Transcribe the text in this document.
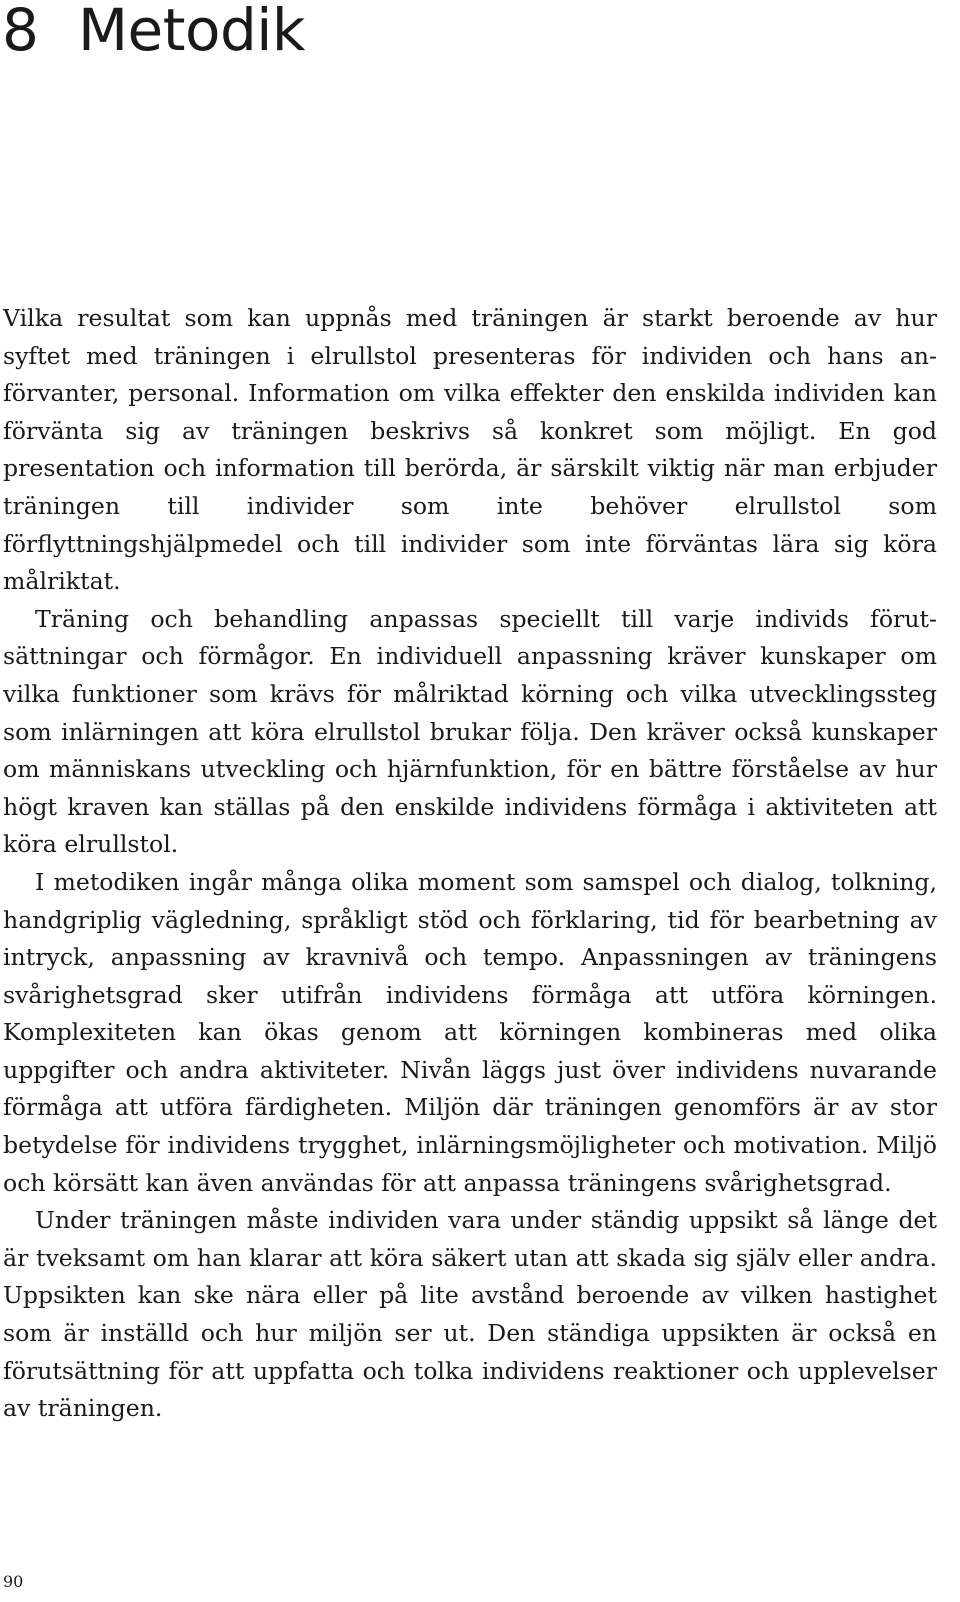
8 Metodik

Vilka resultat som kan uppnås med träningen är starkt beroende av hur syftet med träningen i elrullstol presenteras för individen och hans anförvanter, personal. Information om vilka effekter den enskilda individen kan förvänta sig av träningen beskrivs så konkret som möjligt. En god presentation och information till berörda, är särskilt viktig när man erbjuder träningen till individer som inte behöver elrullstol som förflyttningshjälpmedel och till individer som inte förväntas lära sig köra målriktat.

Träning och behandling anpassas speciellt till varje individs förutsättningar och förmågor. En individuell anpassning kräver kunskaper om vilka funktioner som krävs för målriktad körning och vilka utvecklingssteg som inlärningen att köra elrullstol brukar följa. Den kräver också kunskaper om människans utveckling och hjärnfunktion, för en bättre förståelse av hur högt kraven kan ställas på den enskilde individens förmåga i aktiviteten att köra elrullstol.

I metodiken ingår många olika moment som samspel och dialog, tolkning, handgriplig vägledning, språkligt stöd och förklaring, tid för bearbetning av intryck, anpassning av kravnivå och tempo. Anpassningen av träningens svårighetsgrad sker utifrån individens förmåga att utföra körningen. Komplexiteten kan ökas genom att körningen kombineras med olika uppgifter och andra aktiviteter. Nivån läggs just över individens nuvarande förmåga att utföra färdigheten. Miljön där träningen genomförs är av stor betydelse för individens trygghet, inlärningsmöjligheter och motivation. Miljö och körsätt kan även användas för att anpassa träningens svårighetsgrad.

Under träningen måste individen vara under ständig uppsikt så länge det är tveksamt om han klarar att köra säkert utan att skada sig själv eller andra. Uppsikten kan ske nära eller på lite avstånd beroende av vilken hastighet som är inställd och hur miljön ser ut. Den ständiga uppsikten är också en förutsättning för att uppfatta och tolka individens reaktioner och upplevelser av träningen.

90
